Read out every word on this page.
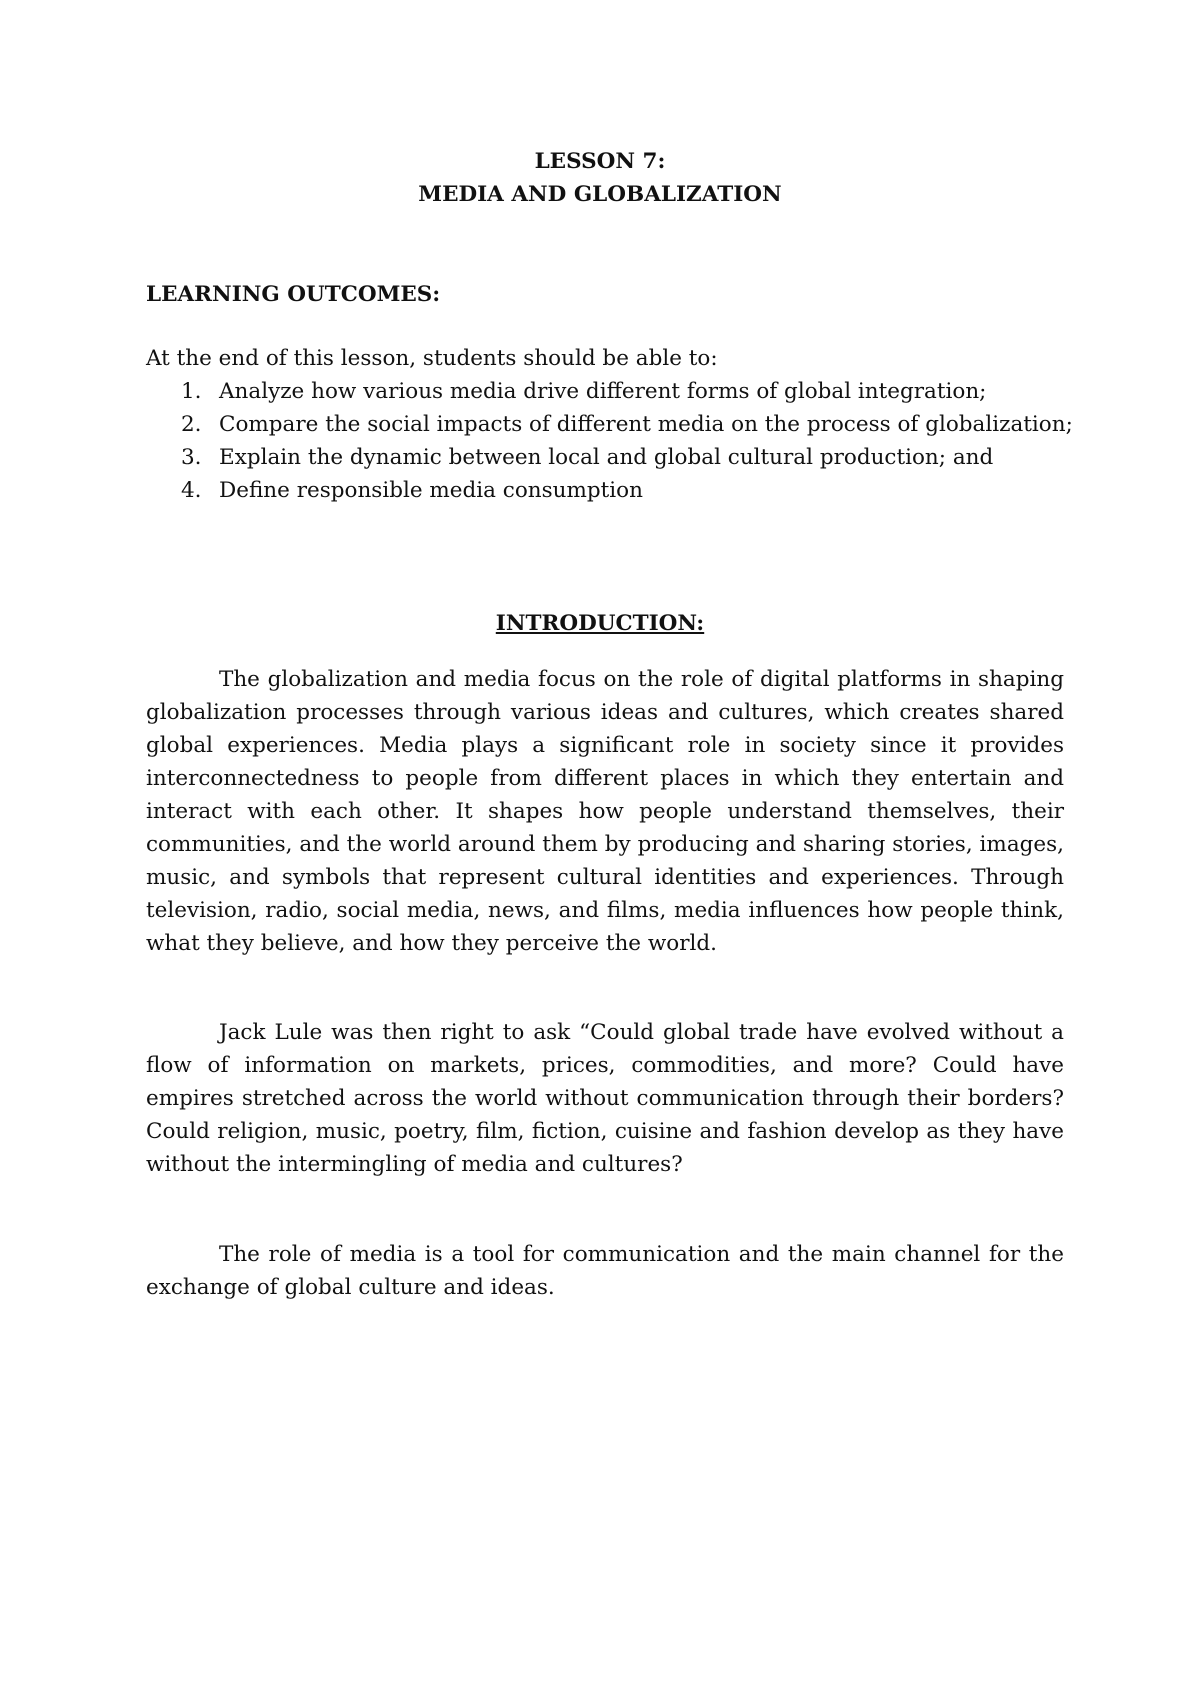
LESSON 7:
MEDIA AND GLOBALIZATION

LEARNING OUTCOMES:

At the end of this lesson, students should be able to:

1. Analyze how various media drive different forms of global integration;
2. Compare the social impacts of different media on the process of globalization;
3. Explain the dynamic between local and global cultural production; and
4. Define responsible media consumption

INTRODUCTION:

The globalization and media focus on the role of digital platforms in shaping globalization processes through various ideas and cultures, which creates shared global experiences. Media plays a significant role in society since it provides interconnectedness to people from different places in which they entertain and interact with each other. It shapes how people understand themselves, their communities, and the world around them by producing and sharing stories, images, music, and symbols that represent cultural identities and experiences. Through television, radio, social media, news, and films, media influences how people think, what they believe, and how they perceive the world.

Jack Lule was then right to ask “Could global trade have evolved without a flow of information on markets, prices, commodities, and more? Could have empires stretched across the world without communication through their borders? Could religion, music, poetry, film, fiction, cuisine and fashion develop as they have without the intermingling of media and cultures?

The role of media is a tool for communication and the main channel for the exchange of global culture and ideas.
